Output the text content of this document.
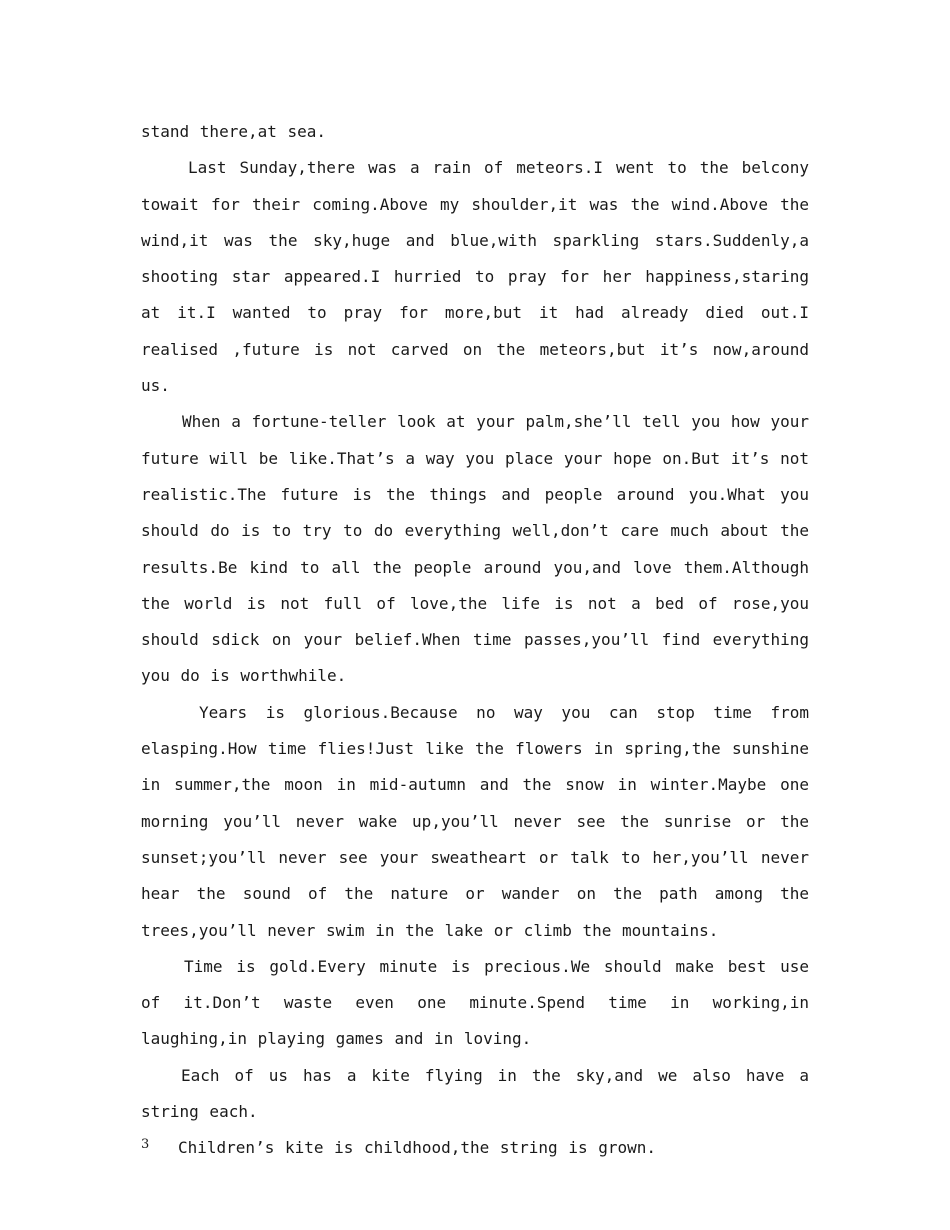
stand there,at sea.

Last Sunday,there was a rain of meteors.I went to the belcony towait for their coming.Above my shoulder,it was the wind.Above the wind,it was the sky,huge and blue,with sparkling stars.Suddenly,a shooting star appeared.I hurried to pray for her happiness,staring at it.I wanted to pray for more,but it had already died out.I realised ,future is not carved on the meteors,but it’s now,around us.

When a fortune-teller look at your palm,she’ll tell you how your future will be like.That’s a way you place your hope on.But it’s not realistic.The future is the things and people around you.What you should do is to try to do everything well,don’t care much about the results.Be kind to all the people around you,and love them.Although the world is not full of love,the life is not a bed of rose,you should sdick on your belief.When time passes,you’ll find everything you do is worthwhile.

Years is glorious.Because no way you can stop time from elasping.How time flies!Just like the flowers in spring,the sunshine in summer,the moon in mid-autumn and the snow in winter.Maybe one morning you’ll never wake up,you’ll never see the sunrise or the sunset;you’ll never see your sweatheart or talk to her,you’ll never hear the sound of the nature or wander on the path among the trees,you’ll never swim in the lake or climb the mountains.

Time is gold.Every minute is precious.We should make best use of it.Don’t waste even one minute.Spend time in working,in laughing,in playing games and in loving.

Each of us has a kite flying in the sky,and we also have a string each.

Children’s kite is childhood,the string is grown.

3
